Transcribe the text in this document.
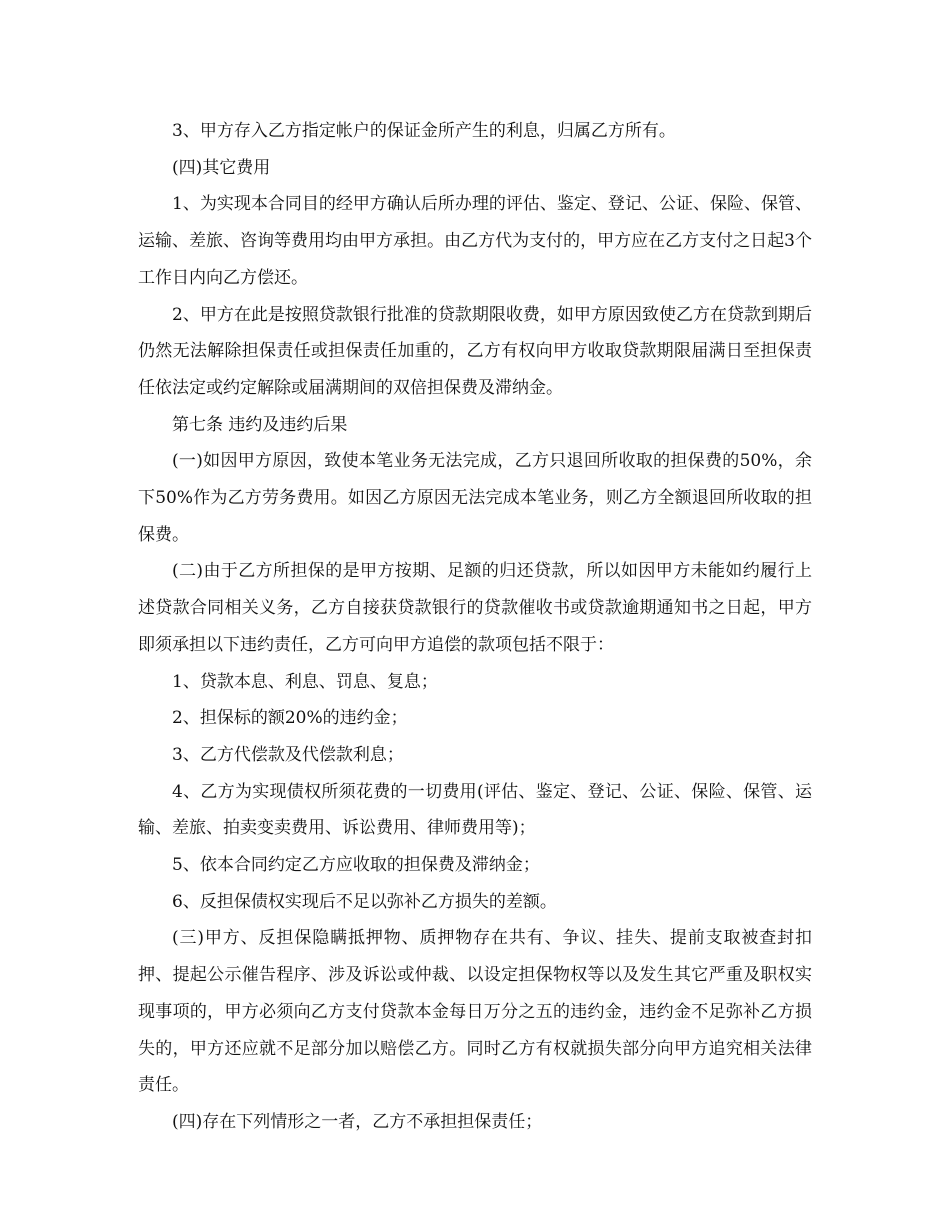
3、甲方存入乙方指定帐户的保证金所产生的利息，归属乙方所有。

(四)其它费用

1、为实现本合同目的经甲方确认后所办理的评估、鉴定、登记、公证、保险、保管、运输、差旅、咨询等费用均由甲方承担。由乙方代为支付的，甲方应在乙方支付之日起3个工作日内向乙方偿还。

2、甲方在此是按照贷款银行批准的贷款期限收费，如甲方原因致使乙方在贷款到期后仍然无法解除担保责任或担保责任加重的，乙方有权向甲方收取贷款期限届满日至担保责任依法定或约定解除或届满期间的双倍担保费及滞纳金。

第七条 违约及违约后果

(一)如因甲方原因，致使本笔业务无法完成，乙方只退回所收取的担保费的50%，余下50%作为乙方劳务费用。如因乙方原因无法完成本笔业务，则乙方全额退回所收取的担保费。

(二)由于乙方所担保的是甲方按期、足额的归还贷款，所以如因甲方未能如约履行上述贷款合同相关义务，乙方自接获贷款银行的贷款催收书或贷款逾期通知书之日起，甲方即须承担以下违约责任，乙方可向甲方追偿的款项包括不限于：

1、贷款本息、利息、罚息、复息；

2、担保标的额20%的违约金；

3、乙方代偿款及代偿款利息；

4、乙方为实现债权所须花费的一切费用(评估、鉴定、登记、公证、保险、保管、运输、差旅、拍卖变卖费用、诉讼费用、律师费用等)；

5、依本合同约定乙方应收取的担保费及滞纳金；

6、反担保债权实现后不足以弥补乙方损失的差额。

(三)甲方、反担保隐瞒抵押物、质押物存在共有、争议、挂失、提前支取被查封扣押、提起公示催告程序、涉及诉讼或仲裁、以设定担保物权等以及发生其它严重及职权实现事项的，甲方必须向乙方支付贷款本金每日万分之五的违约金，违约金不足弥补乙方损失的，甲方还应就不足部分加以赔偿乙方。同时乙方有权就损失部分向甲方追究相关法律责任。

(四)存在下列情形之一者，乙方不承担担保责任；
